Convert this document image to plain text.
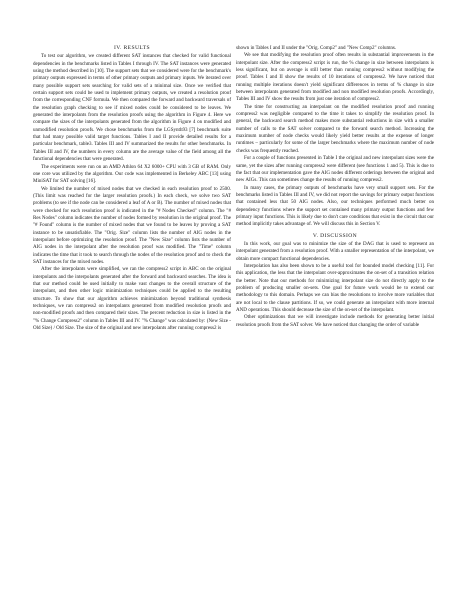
IV. RESULTS

To test our algorithm, we created different SAT instances that checked for valid functional dependencies in the benchmarks listed in Tables I through IV. The SAT instances were generated using the method described in [10]. The support sets that we considered were for the benchmark's primary outputs expressed in terms of other primary outputs and primary inputs. We iterated over many possible support sets searching for valid sets of a minimal size. Once we verified that certain support sets could be used to implement primary outputs, we created a resolution proof from the corresponding CNF formula. We then compared the forward and backward traversals of the resolution graph checking to see if mixed nodes could be considered to be leaves. We generated the interpolants from the resolution proofs using the algorithm in Figure 4. Here we compare the sizes of the interpolants generated from the algorithm in Figure 4 on modified and unmodified resolution proofs. We chose benchmarks from the LGSynth93 [7] benchmark suite that had many possible valid target functions. Tables I and II provide detailed results for a particular benchmark, table3. Tables III and IV summarized the results for other benchmarks. In Tables III and IV, the numbers in every column are the average value of the field among all the functional dependencies that were generated.

The experiments were run on an AMD Athlon 64 X2 6000+ CPU with 3 GB of RAM. Only one core was utilized by the algorithm. Our code was implemented in Berkeley ABC [13] using MiniSAT for SAT solving [16].

We limited the number of mixed nodes that we checked in each resolution proof to 2500. (This limit was reached for the larger resolution proofs.) In each check, we solve two SAT problems (to see if the node can be considered a leaf of A or B). The number of mixed nodes that were checked for each resolution proof is indicated in the "# Nodes Checked" column. The "# Res Nodes" column indicates the number of nodes formed by resolution in the original proof. The "# Found" column is the number of mixed nodes that we found to be leaves by proving a SAT instance to be unsatisfiable. The "Orig. Size" column lists the number of AIG nodes in the interpolant before optimizing the resolution proof. The "New Size" column lists the number of AIG nodes in the interpolant after the resolution proof was modified. The "Time" column indicates the time that it took to search through the nodes of the resolution proof and to check the SAT instances for the mixed nodes.

After the interpolants were simplified, we ran the compress2 script in ABC on the original interpolants and the interpolants generated after the forward and backward searches. The idea is that our method could be used initially to make vast changes to the overall structure of the interpolant, and then other logic minimization techniques could be applied to the resulting structure. To show that our algorithm achieves minimization beyond traditional synthesis techniques, we ran compress2 on interpolants generated from modified resolution proofs and non-modified proofs and then compared their sizes. The percent reduction in size is listed in the "% Change Compress2" column in Tables III and IV. "% Change" was calculated by: (New Size - Old Size) / Old Size. The size of the original and new interpolants after running compress2 is

shown in Tables I and II under the "Orig. Comp2" and "New Comp2" columns.

We see that modifying the resolution proof often results in substantial improvements in the interpolant size. After the compress2 script is run, the % change in size between interpolants is less significant, but on average is still better than running compress2 without modifying the proof. Tables I and II show the results of 10 iterations of compress2. We have noticed that running multiple iterations doesn't yield significant differences in terms of % change in size between interpolants generated from modified and non modified resolution proofs. Accordingly, Tables III and IV show the results from just one iteration of compress2.

The time for constructing an interpolant on the modified resolution proof and running compress2 was negligible compared to the time it takes to simplify the resolution proof. In general, the backward search method makes more substantial reductions in size with a smaller number of calls to the SAT solver compared to the forward search method. Increasing the maximum number of node checks would likely yield better results at the expense of longer runtimes – particularly for some of the larger benchmarks where the maximum number of node checks was frequently reached.

For a couple of functions presented in Table I the original and new interpolant sizes were the same, yet the sizes after running compress2 were different (see functions 1 and 5). This is due to the fact that our implementation gave the AIG nodes different orderings between the original and new AIGs. This can sometimes change the results of running compress2.

In many cases, the primary outputs of benchmarks have very small support sets. For the benchmarks listed in Tables III and IV, we did not report the savings for primary output functions that contained less that 50 AIG nodes. Also, our techniques performed much better on dependency functions where the support set contained many primary output functions and few primary input functions. This is likely due to don't care conditions that exist in the circuit that our method implicitly takes advantage of. We will discuss this in Section V.

V. DISCUSSION

In this work, our goal was to minimize the size of the DAG that is used to represent an interpolant generated from a resolution proof. With a smaller representation of the interpolant, we obtain more compact functional dependencies.

Interpolation has also been shown to be a useful tool for bounded model checking [11]. For this application, the less that the interpolant over-approximates the on-set of a transition relation the better. Note that our methods for minimizing interpolant size do not directly apply to the problem of producing smaller on-sets. One goal for future work would be to extend our methodology to this domain. Perhaps we can bias the resolutions to involve more variables that are not local to the clause partitions. If so, we could generate an interpolant with more internal AND operations. This should decrease the size of the on-set of the interpolant.

Other optimizations that we will investigate include methods for generating better initial resolution proofs from the SAT solver. We have noticed that changing the order of variable
